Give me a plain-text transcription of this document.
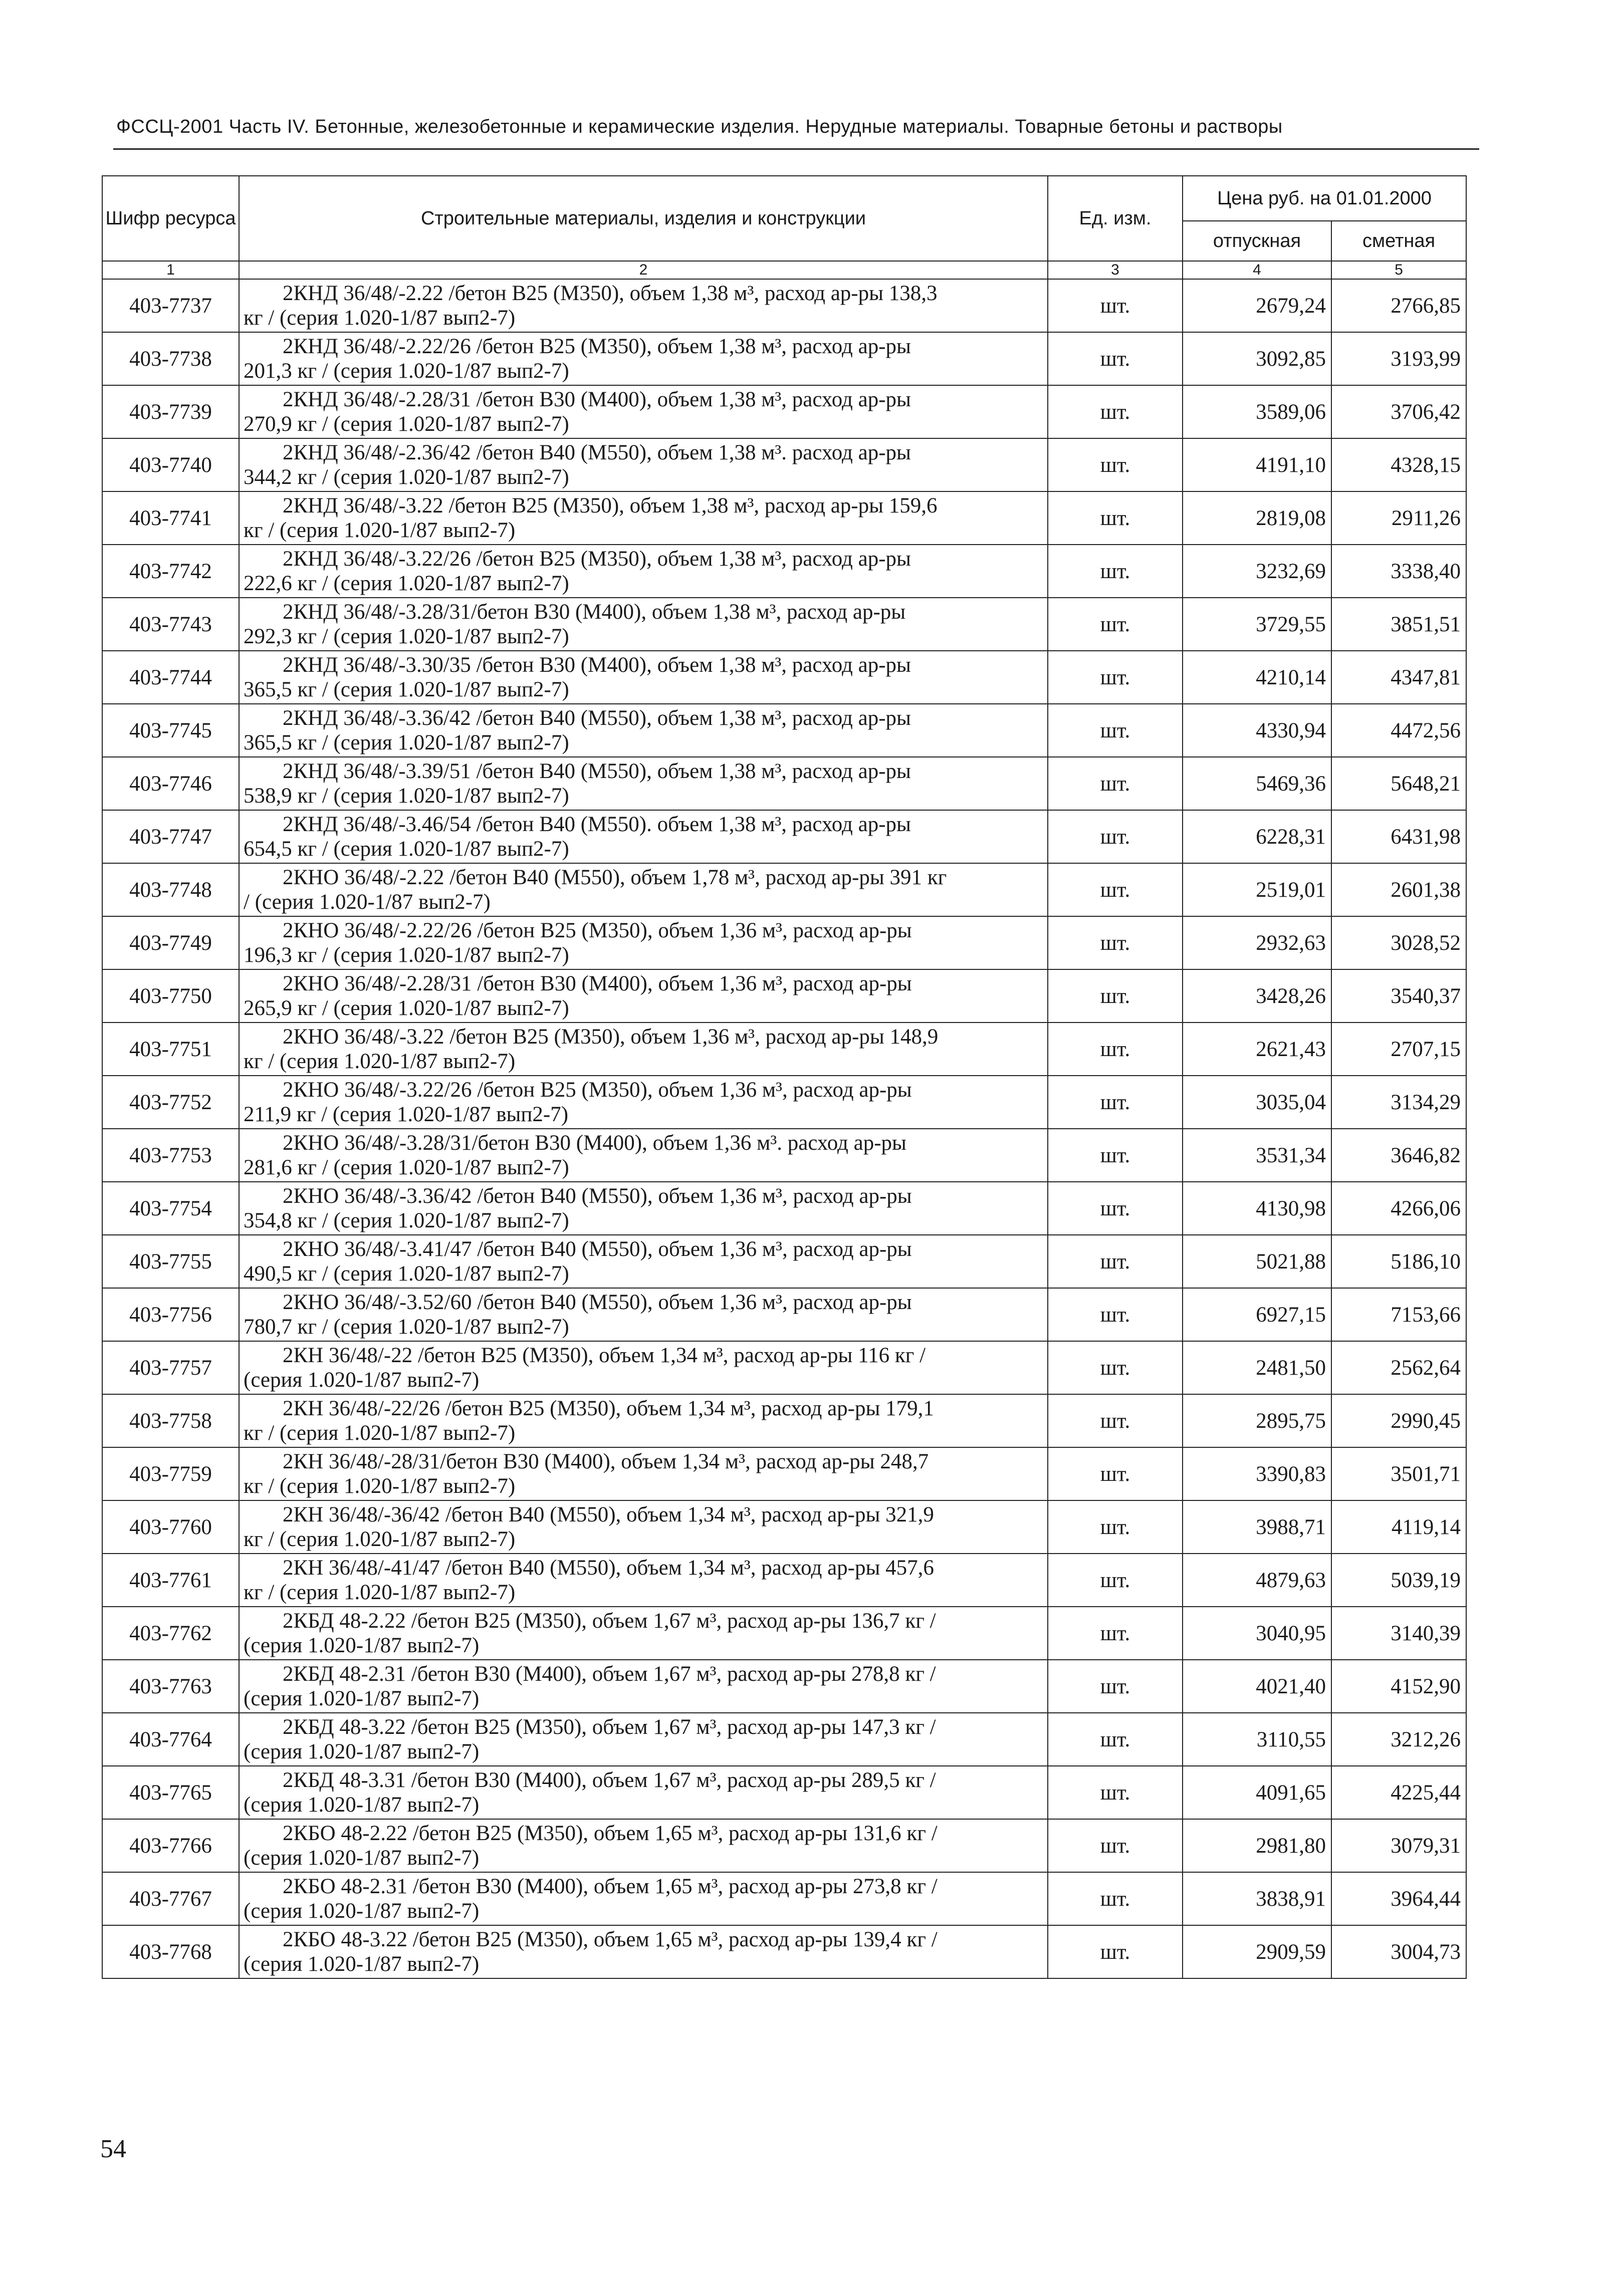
ФССЦ-2001 Часть IV. Бетонные, железобетонные и керамические изделия. Нерудные материалы. Товарные бетоны и растворы
Шифр ресурса	Строительные материалы, изделия и конструкции	Ед. изм.	Цена руб. на 01.01.2000	
			отпускная	сметная
1	2	3	4	5
403-7737	2КНД 36/48/-2.22 /бетон В25 (М350), объем 1,38 м³, расход ар-ры 138,3
кг / (серия 1.020-1/87 вып2-7)	шт.	2679,24	2766,85
403-7738	2КНД 36/48/-2.22/26 /бетон В25 (М350), объем 1,38 м³, расход ар-ры
201,3 кг / (серия 1.020-1/87 вып2-7)	шт.	3092,85	3193,99
403-7739	2КНД 36/48/-2.28/31 /бетон В30 (М400), объем 1,38 м³, расход ар-ры
270,9 кг / (серия 1.020-1/87 вып2-7)	шт.	3589,06	3706,42
403-7740	2КНД 36/48/-2.36/42 /бетон В40 (М550), объем 1,38 м³. расход ар-ры
344,2 кг / (серия 1.020-1/87 вып2-7)	шт.	4191,10	4328,15
403-7741	2КНД 36/48/-3.22 /бетон В25 (М350), объем 1,38 м³, расход ар-ры 159,6
кг / (серия 1.020-1/87 вып2-7)	шт.	2819,08	2911,26
403-7742	2КНД 36/48/-3.22/26 /бетон В25 (М350), объем 1,38 м³, расход ар-ры
222,6 кг / (серия 1.020-1/87 вып2-7)	шт.	3232,69	3338,40
403-7743	2КНД 36/48/-3.28/31/бетон В30 (М400), объем 1,38 м³, расход ар-ры
292,3 кг / (серия 1.020-1/87 вып2-7)	шт.	3729,55	3851,51
403-7744	2КНД 36/48/-3.30/35 /бетон В30 (М400), объем 1,38 м³, расход ар-ры
365,5 кг / (серия 1.020-1/87 вып2-7)	шт.	4210,14	4347,81
403-7745	2КНД 36/48/-3.36/42 /бетон В40 (М550), объем 1,38 м³, расход ар-ры
365,5 кг / (серия 1.020-1/87 вып2-7)	шт.	4330,94	4472,56
403-7746	2КНД 36/48/-3.39/51 /бетон В40 (М550), объем 1,38 м³, расход ар-ры
538,9 кг / (серия 1.020-1/87 вып2-7)	шт.	5469,36	5648,21
403-7747	2КНД 36/48/-3.46/54 /бетон В40 (М550). объем 1,38 м³, расход ар-ры
654,5 кг / (серия 1.020-1/87 вып2-7)	шт.	6228,31	6431,98
403-7748	2КНО 36/48/-2.22 /бетон В40 (М550), объем 1,78 м³, расход ар-ры 391 кг
/ (серия 1.020-1/87 вып2-7)	шт.	2519,01	2601,38
403-7749	2КНО 36/48/-2.22/26 /бетон В25 (М350), объем 1,36 м³, расход ар-ры
196,3 кг / (серия 1.020-1/87 вып2-7)	шт.	2932,63	3028,52
403-7750	2КНО 36/48/-2.28/31 /бетон В30 (М400), объем 1,36 м³, расход ар-ры
265,9 кг / (серия 1.020-1/87 вып2-7)	шт.	3428,26	3540,37
403-7751	2КНО 36/48/-3.22 /бетон В25 (М350), объем 1,36 м³, расход ар-ры 148,9
кг / (серия 1.020-1/87 вып2-7)	шт.	2621,43	2707,15
403-7752	2КНО 36/48/-3.22/26 /бетон В25 (М350), объем 1,36 м³, расход ар-ры
211,9 кг / (серия 1.020-1/87 вып2-7)	шт.	3035,04	3134,29
403-7753	2КНО 36/48/-3.28/31/бетон В30 (М400), объем 1,36 м³. расход ар-ры
281,6 кг / (серия 1.020-1/87 вып2-7)	шт.	3531,34	3646,82
403-7754	2КНО 36/48/-3.36/42 /бетон В40 (М550), объем 1,36 м³, расход ар-ры
354,8 кг / (серия 1.020-1/87 вып2-7)	шт.	4130,98	4266,06
403-7755	2КНО 36/48/-3.41/47 /бетон В40 (М550), объем 1,36 м³, расход ар-ры
490,5 кг / (серия 1.020-1/87 вып2-7)	шт.	5021,88	5186,10
403-7756	2КНО 36/48/-3.52/60 /бетон В40 (М550), объем 1,36 м³, расход ар-ры
780,7 кг / (серия 1.020-1/87 вып2-7)	шт.	6927,15	7153,66
403-7757	2КН 36/48/-22 /бетон В25 (М350), объем 1,34 м³, расход ар-ры 116 кг /
(серия 1.020-1/87 вып2-7)	шт.	2481,50	2562,64
403-7758	2КН 36/48/-22/26 /бетон В25 (М350), объем 1,34 м³, расход ар-ры 179,1
кг / (серия 1.020-1/87 вып2-7)	шт.	2895,75	2990,45
403-7759	2КН 36/48/-28/31/бетон В30 (М400), объем 1,34 м³, расход ар-ры 248,7
кг / (серия 1.020-1/87 вып2-7)	шт.	3390,83	3501,71
403-7760	2КН 36/48/-36/42 /бетон В40 (М550), объем 1,34 м³, расход ар-ры 321,9
кг / (серия 1.020-1/87 вып2-7)	шт.	3988,71	4119,14
403-7761	2КН 36/48/-41/47 /бетон В40 (М550), объем 1,34 м³, расход ар-ры 457,6
кг / (серия 1.020-1/87 вып2-7)	шт.	4879,63	5039,19
403-7762	2КБД 48-2.22 /бетон В25 (М350), объем 1,67 м³, расход ар-ры 136,7 кг /
(серия 1.020-1/87 вып2-7)	шт.	3040,95	3140,39
403-7763	2КБД 48-2.31 /бетон В30 (М400), объем 1,67 м³, расход ар-ры 278,8 кг /
(серия 1.020-1/87 вып2-7)	шт.	4021,40	4152,90
403-7764	2КБД 48-3.22 /бетон В25 (М350), объем 1,67 м³, расход ар-ры 147,3 кг /
(серия 1.020-1/87 вып2-7)	шт.	3110,55	3212,26
403-7765	2КБД 48-3.31 /бетон В30 (М400), объем 1,67 м³, расход ар-ры 289,5 кг /
(серия 1.020-1/87 вып2-7)	шт.	4091,65	4225,44
403-7766	2КБО 48-2.22 /бетон В25 (М350), объем 1,65 м³, расход ар-ры 131,6 кг /
(серия 1.020-1/87 вып2-7)	шт.	2981,80	3079,31
403-7767	2КБО 48-2.31 /бетон В30 (М400), объем 1,65 м³, расход ар-ры 273,8 кг /
(серия 1.020-1/87 вып2-7)	шт.	3838,91	3964,44
403-7768	2КБО 48-3.22 /бетон В25 (М350), объем 1,65 м³, расход ар-ры 139,4 кг /
(серия 1.020-1/87 вып2-7)	шт.	2909,59	3004,73
54
